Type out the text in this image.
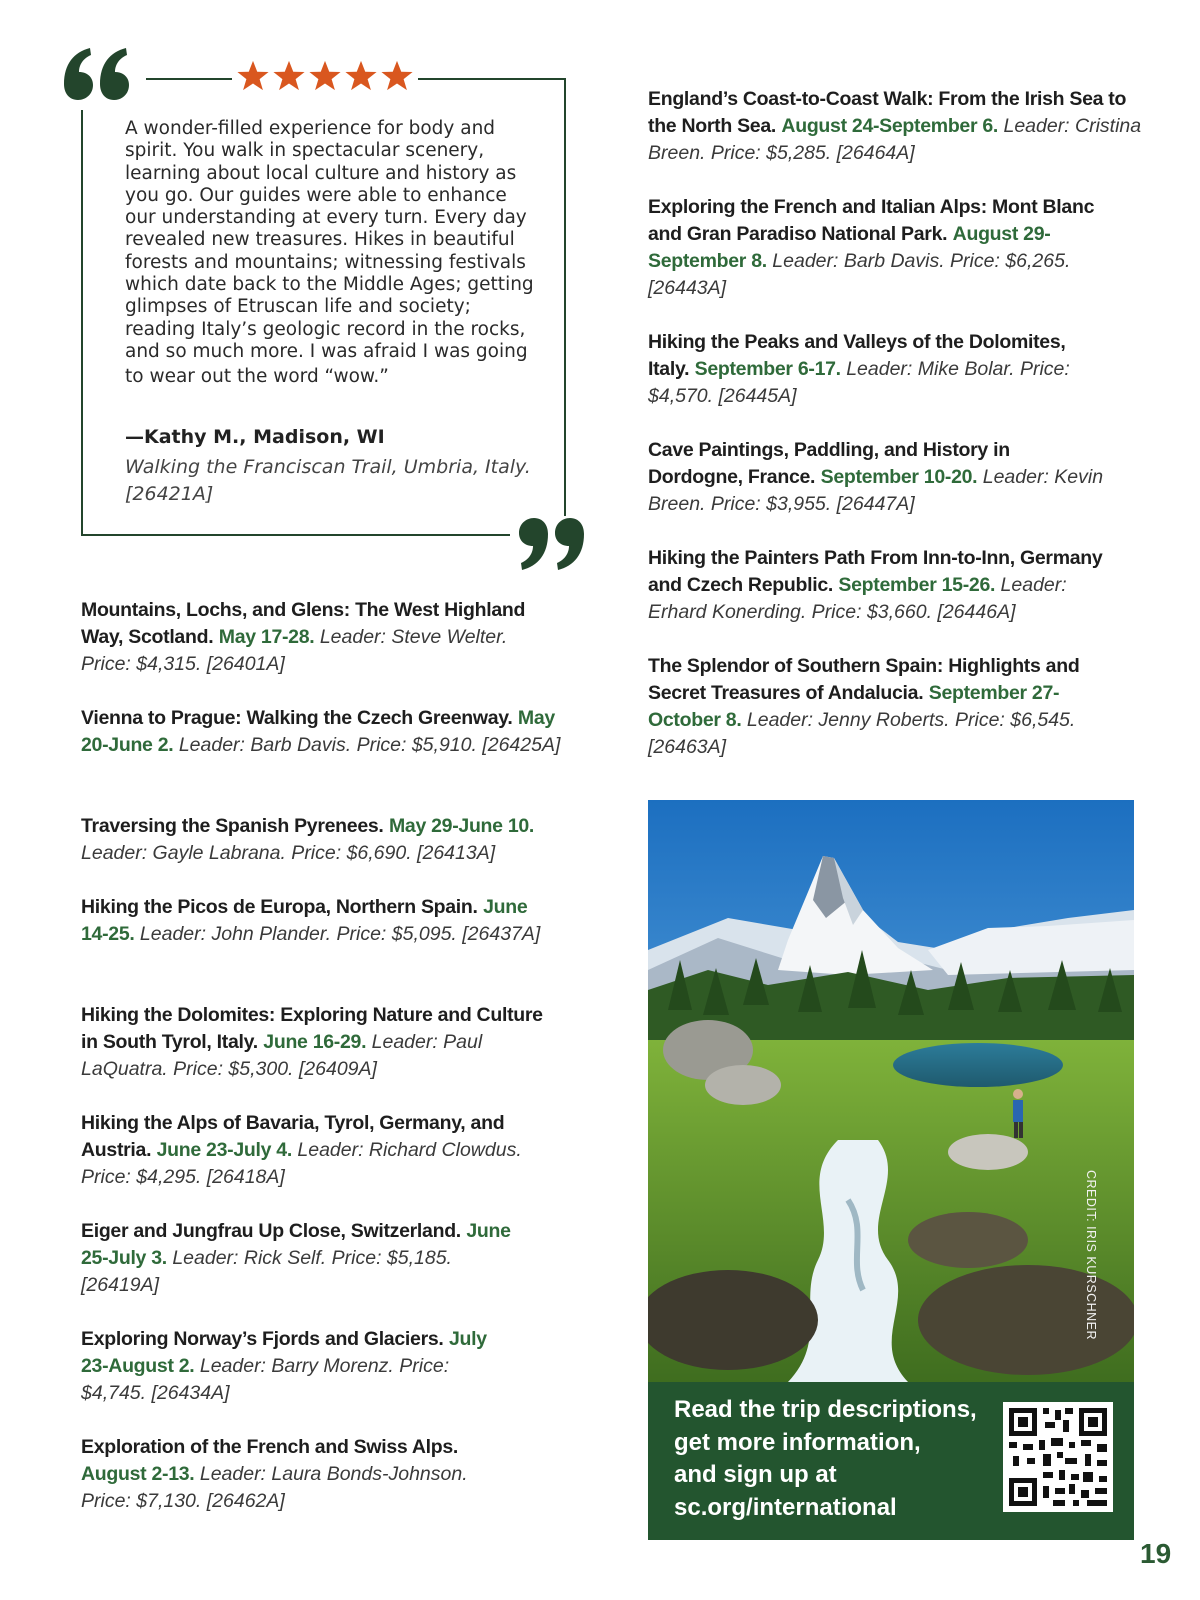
A wonder-filled experience for body and
spirit. You walk in spectacular scenery,
learning about local culture and history as
you go. Our guides were able to enhance
our understanding at every turn. Every day
revealed new treasures. Hikes in beautiful
forests and mountains; witnessing festivals
which date back to the Middle Ages; getting
glimpses of Etruscan life and society;
reading Italy’s geologic record in the rocks,
and so much more. I was afraid I was going
to wear out the word “wow.”
—Kathy M., Madison, WI
Walking the Franciscan Trail, Umbria, Italy.
[26421A]
Mountains, Lochs, and Glens: The West Highland Way, Scotland. May 17-28. Leader: Steve Welter. Price: $4,315. [26401A]
Vienna to Prague: Walking the Czech Greenway. May 20-June 2. Leader: Barb Davis. Price: $5,910. [26425A]
Traversing the Spanish Pyrenees. May 29-June 10. Leader: Gayle Labrana. Price: $6,690. [26413A]
Hiking the Picos de Europa, Northern Spain. June 14-25. Leader: John Plander. Price: $5,095. [26437A]
Hiking the Dolomites: Exploring Nature and Culture in South Tyrol, Italy. June 16-29. Leader: Paul LaQuatra. Price: $5,300. [26409A]
Hiking the Alps of Bavaria, Tyrol, Germany, and Austria. June 23-July 4. Leader: Richard Clowdus. Price: $4,295. [26418A]
Eiger and Jungfrau Up Close, Switzerland. June 25-July 3. Leader: Rick Self. Price: $5,185. [26419A]
Exploring Norway’s Fjords and Glaciers. July 23-August 2. Leader: Barry Morenz. Price: $4,745. [26434A]
Exploration of the French and Swiss Alps. August 2-13. Leader: Laura Bonds-Johnson. Price: $7,130. [26462A]
England’s Coast-to-Coast Walk: From the Irish Sea to the North Sea. August 24-September 6. Leader: Cristina Breen. Price: $5,285. [26464A]
Exploring the French and Italian Alps: Mont Blanc and Gran Paradiso National Park. August 29-September 8. Leader: Barb Davis. Price: $6,265. [26443A]
Hiking the Peaks and Valleys of the Dolomites, Italy. September 6-17. Leader: Mike Bolar. Price: $4,570. [26445A]
Cave Paintings, Paddling, and History in Dordogne, France. September 10-20. Leader: Kevin Breen. Price: $3,955. [26447A]
Hiking the Painters Path From Inn-to-Inn, Germany and Czech Republic. September 15-26. Leader: Erhard Konerding. Price: $3,660. [26446A]
The Splendor of Southern Spain: Highlights and Secret Treasures of Andalucia. September 27-October 8. Leader: Jenny Roberts. Price: $6,545. [26463A]
CREDIT: IRIS KURSCHNER
Read the trip descriptions,
get more information,
and sign up at
sc.org/international
19
